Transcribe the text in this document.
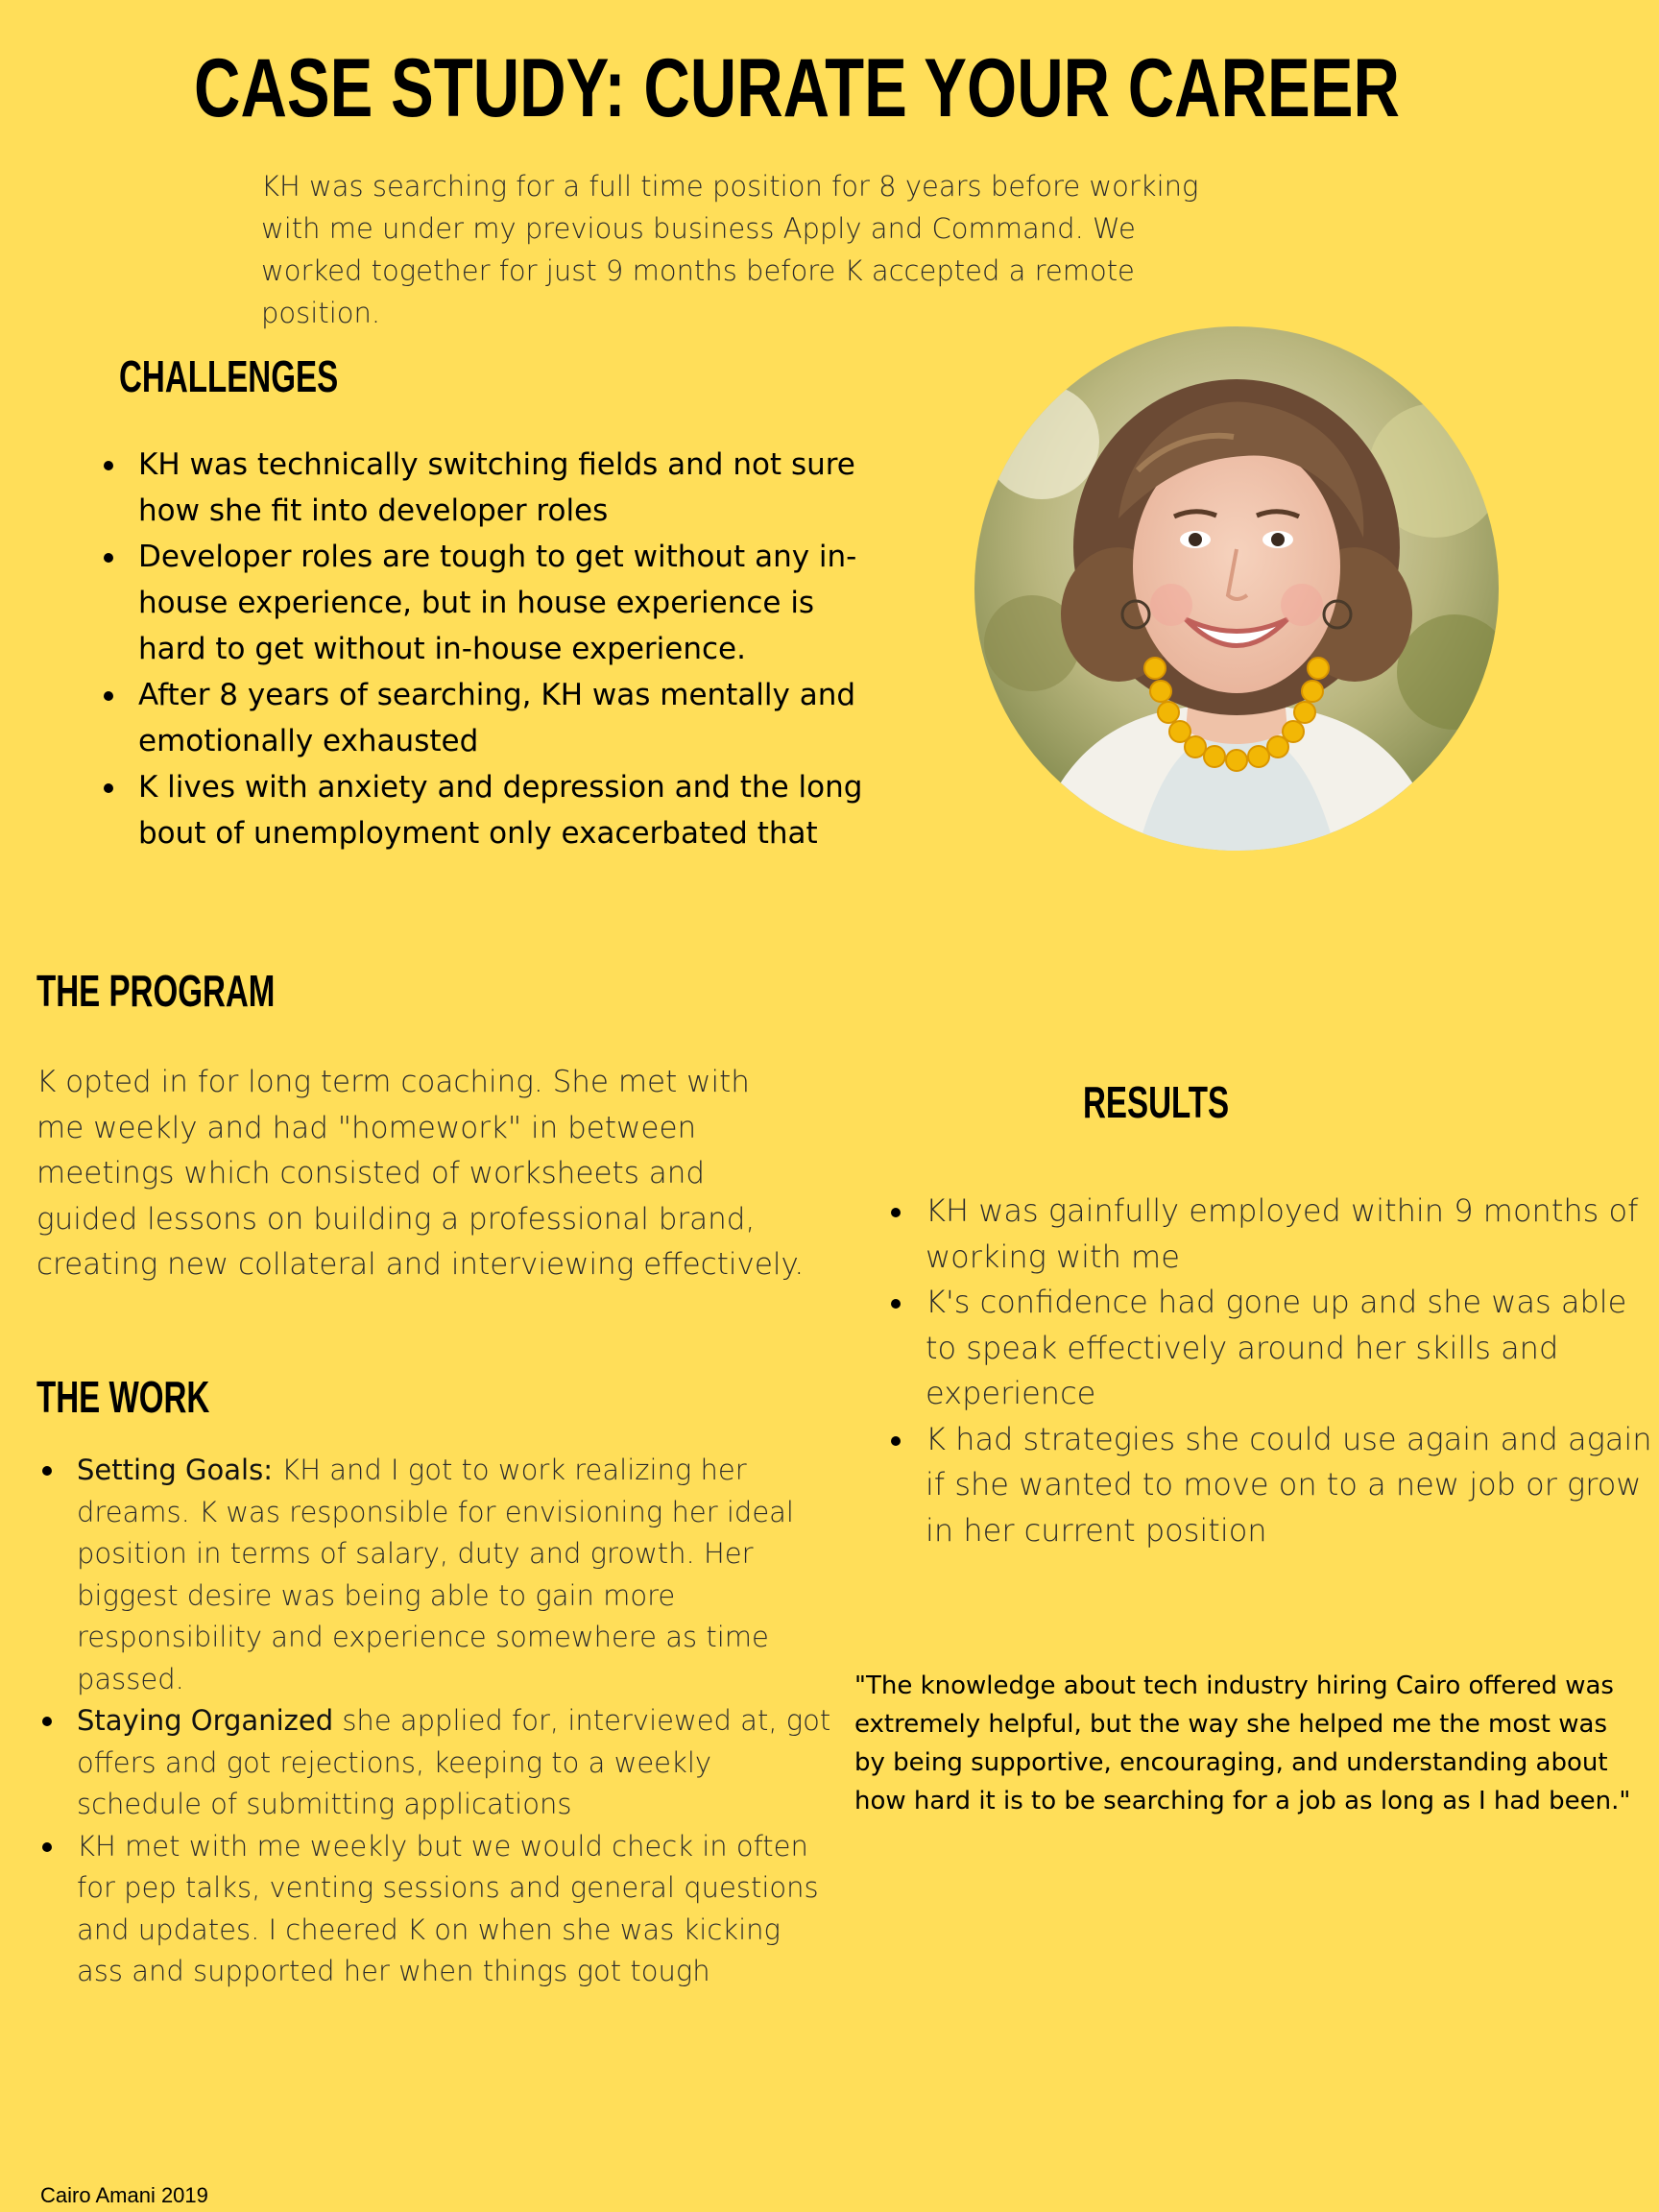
CASE STUDY: CURATE YOUR CAREER

KH was searching for a full time position for 8 years before working with me under my previous business Apply and Command. We worked together for just 9 months before K accepted a remote position.

CHALLENGES
KH was technically switching fields and not sure how she fit into developer roles
Developer roles are tough to get without any in-house experience, but in house experience is hard to get without in-house experience.
After 8 years of searching, KH was mentally and emotionally exhausted
K lives with anxiety and depression and the long bout of unemployment only exacerbated that
THE PROGRAM

K opted in for long term coaching. She met with me weekly and had "homework" in between meetings which consisted of worksheets and guided lessons on building a professional brand, creating new collateral and interviewing effectively.

THE WORK
Setting Goals: KH and I got to work realizing her dreams. K was responsible for envisioning her ideal position in terms of salary, duty and growth. Her biggest desire was being able to gain more responsibility and experience somewhere as time passed.
Staying Organized she applied for, interviewed at, got offers and got rejections, keeping to a weekly schedule of submitting applications
KH met with me weekly but we would check in often for pep talks, venting sessions and general questions and updates. I cheered K on when she was kicking ass and supported her when things got tough
RESULTS
KH was gainfully employed within 9 months of working with me
K's confidence had gone up and she was able to speak effectively around her skills and experience
K had strategies she could use again and again if she wanted to move on to a new job or grow in her current position

"The knowledge about tech industry hiring Cairo offered was extremely helpful, but the way she helped me the most was by being supportive, encouraging, and understanding about how hard it is to be searching for a job as long as I had been."

Cairo Amani 2019
